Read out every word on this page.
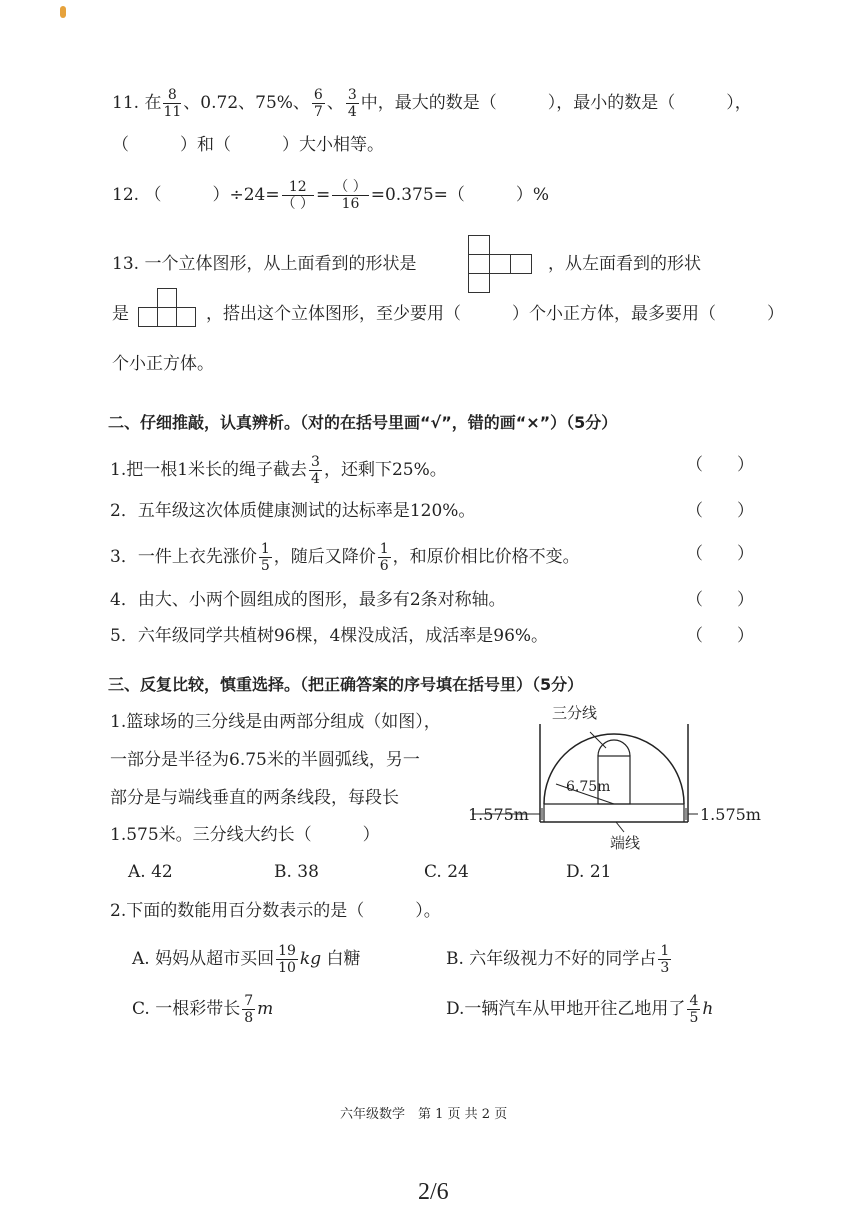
11. 在 $\frac{8}{11}$ 、0.72、75%、 $\frac{6}{7}$ 、 $\frac{3}{4}$ 中，最大的数是（　　　），最小的数是（　　　），
（　　　）和（　　　）大小相等。
12. （　　　）$\div 24= \frac{12}{( )} = \frac{( )}{16} =0.375=$（　　　）%
13. 一个立体图形，从上面看到的形状是	，从左面看到的形状
是	，搭出这个立体图形，至少要用（　　　）个小正方体，最多要用（　　　）
个小正方体。
二、仔细推敲，认真辨析。（对的在括号里画“√”，错的画“×”）（5分）
1.把一根1米长的绳子截去 $\frac{3}{4}$ ，还剩下25%。	（　　）
2．五年级这次体质健康测试的达标率是120%。	（　　）
3．一件上衣先涨价 $\frac{1}{5}$ ，随后又降价 $\frac{1}{6}$ ，和原价相比价格不变。	（　　）
4．由大、小两个圆组成的图形，最多有2条对称轴。	（　　）
5．六年级同学共植树96棵，4棵没成活，成活率是96%。	（　　）
三、反复比较，慎重选择。（把正确答案的序号填在括号里）（5分）
1.篮球场的三分线是由两部分组成（如图），
一部分是半径为6.75米的半圆弧线，另一
部分是与端线垂直的两条线段，每段长
1.575米。三分线大约长（　　　）
A. 42	B. 38	C. 24	D. 21
三分线
6.75m
1.575m	1.575m
端线
2.下面的数能用百分数表示的是（　　　）。
A. 妈妈从超市买回 $\frac{19}{10}$ kg 白糖	B. 六年级视力不好的同学占 $\frac{1}{3}$
C. 一根彩带长 $\frac{7}{8}$ m	D.一辆汽车从甲地开往乙地用了 $\frac{4}{5}$ h
六年级数学　第 1 页 共 2 页
2/6
